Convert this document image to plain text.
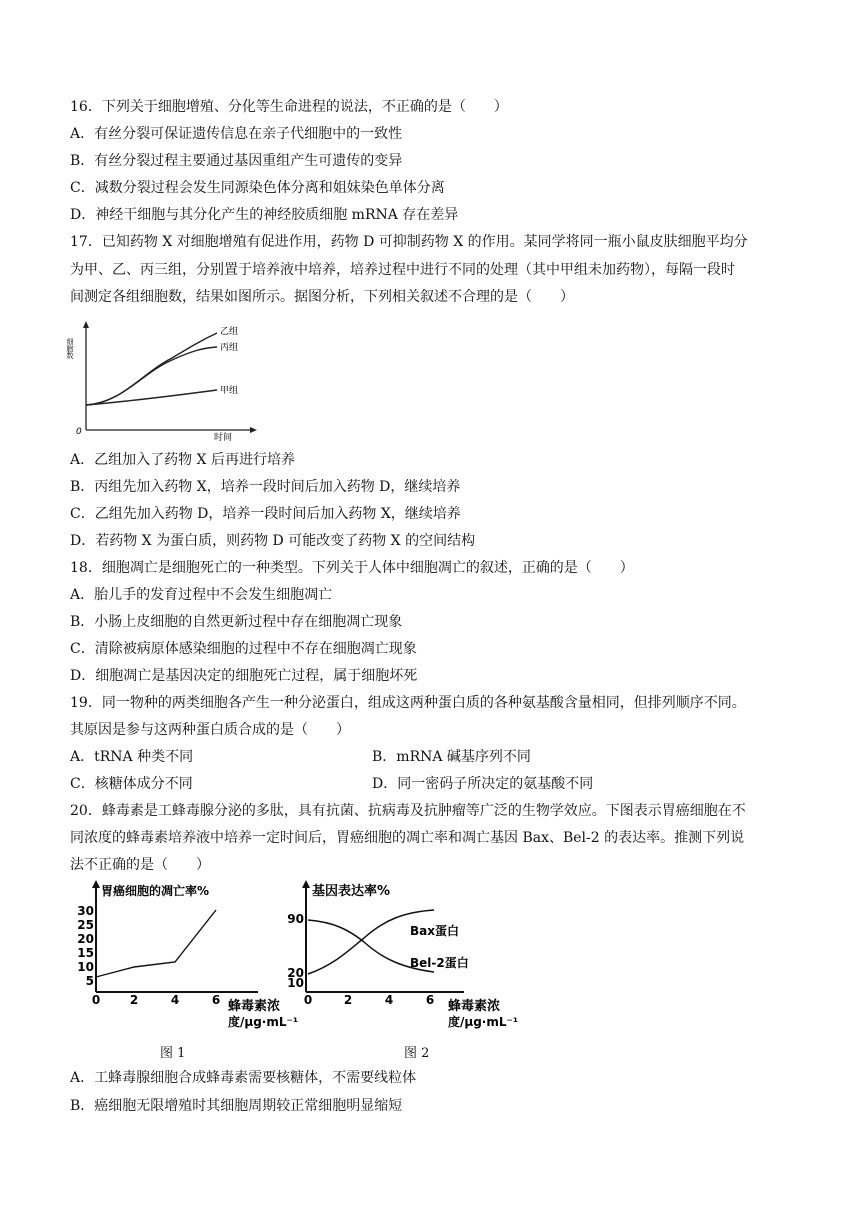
16．下列关于细胞增殖、分化等生命进程的说法，不正确的是（　　）
A．有丝分裂可保证遗传信息在亲子代细胞中的一致性
B．有丝分裂过程主要通过基因重组产生可遗传的变异
C．减数分裂过程会发生同源染色体分离和姐妹染色单体分离
D．神经干细胞与其分化产生的神经胶质细胞 mRNA 存在差异
17．已知药物 X 对细胞增殖有促进作用，药物 D 可抑制药物 X 的作用。某同学将同一瓶小鼠皮肤细胞平均分
为甲、乙、丙三组，分别置于培养液中培养，培养过程中进行不同的处理（其中甲组未加药物），每隔一段时
间测定各组细胞数，结果如图所示。据图分析，下列相关叙述不合理的是（　　）
细胞数
时间
0
乙组
丙组
甲组
A．乙组加入了药物 X 后再进行培养
B．丙组先加入药物 X，培养一段时间后加入药物 D，继续培养
C．乙组先加入药物 D，培养一段时间后加入药物 X，继续培养
D．若药物 X 为蛋白质，则药物 D 可能改变了药物 X 的空间结构
18．细胞凋亡是细胞死亡的一种类型。下列关于人体中细胞凋亡的叙述，正确的是（　　）
A．胎儿手的发育过程中不会发生细胞凋亡
B．小肠上皮细胞的自然更新过程中存在细胞凋亡现象
C．清除被病原体感染细胞的过程中不存在细胞凋亡现象
D．细胞凋亡是基因决定的细胞死亡过程，属于细胞坏死
19．同一物种的两类细胞各产生一种分泌蛋白，组成这两种蛋白质的各种氨基酸含量相同，但排列顺序不同。
其原因是参与这两种蛋白质合成的是（　　）
A．tRNA 种类不同	B．mRNA 碱基序列不同
C．核糖体成分不同	D．同一密码子所决定的氨基酸不同
20．蜂毒素是工蜂毒腺分泌的多肽，具有抗菌、抗病毒及抗肿瘤等广泛的生物学效应。下图表示胃癌细胞在不
同浓度的蜂毒素培养液中培养一定时间后，胃癌细胞的凋亡率和凋亡基因 Bax、Bel-2 的表达率。推测下列说
法不正确的是（　　）
胃癌细胞的凋亡率%
5
10
15
20
25
30
0 2	4	6 蜂毒素浓
度/μg·mL⁻¹
基因表达率%
10
20
90
0	2	4	6
Bax蛋白
Bel-2蛋白
蜂毒素浓
度/μg·mL⁻¹
图 1	图 2
A．工蜂毒腺细胞合成蜂毒素需要核糖体，不需要线粒体
B．癌细胞无限增殖时其细胞周期较正常细胞明显缩短
